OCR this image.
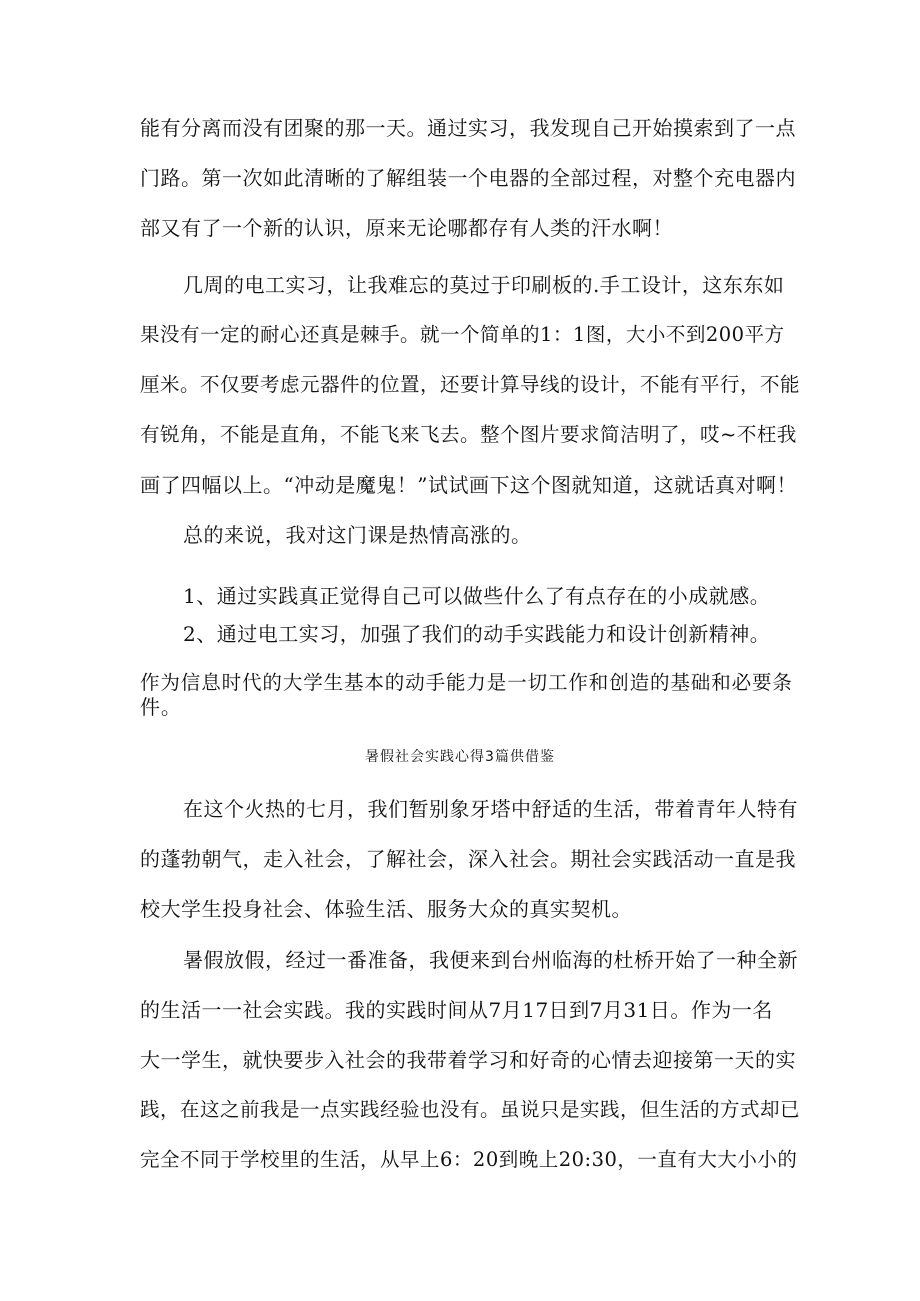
能有分离而没有团聚的那一天。通过实习，我发现自己开始摸索到了一点
门路。第一次如此清晰的了解组装一个电器的全部过程，对整个充电器内
部又有了一个新的认识，原来无论哪都存有人类的汗水啊！
几周的电工实习，让我难忘的莫过于印刷板的.手工设计，这东东如
果没有一定的耐心还真是棘手。就一个简单的1：1图，大小不到200平方
厘米。不仅要考虑元器件的位置，还要计算导线的设计，不能有平行，不能
有锐角，不能是直角，不能飞来飞去。整个图片要求简洁明了，哎~不枉我
画了四幅以上。“冲动是魔鬼！”试试画下这个图就知道，这就话真对啊！
总的来说，我对这门课是热情高涨的。
1、通过实践真正觉得自己可以做些什么了有点存在的小成就感。
2、通过电工实习，加强了我们的动手实践能力和设计创新精神。
作为信息时代的大学生基本的动手能力是一切工作和创造的基础和必要条
件。
暑假社会实践心得3篇供借鉴
在这个火热的七月，我们暂别象牙塔中舒适的生活，带着青年人特有
的蓬勃朝气，走入社会，了解社会，深入社会。期社会实践活动一直是我
校大学生投身社会、体验生活、服务大众的真实契机。
暑假放假，经过一番准备，我便来到台州临海的杜桥开始了一种全新
的生活一一社会实践。我的实践时间从7月17日到7月31日。作为一名
大一学生，就快要步入社会的我带着学习和好奇的心情去迎接第一天的实
践，在这之前我是一点实践经验也没有。虽说只是实践，但生活的方式却已
完全不同于学校里的生活，从早上6：20到晚上20:30，一直有大大小小的
